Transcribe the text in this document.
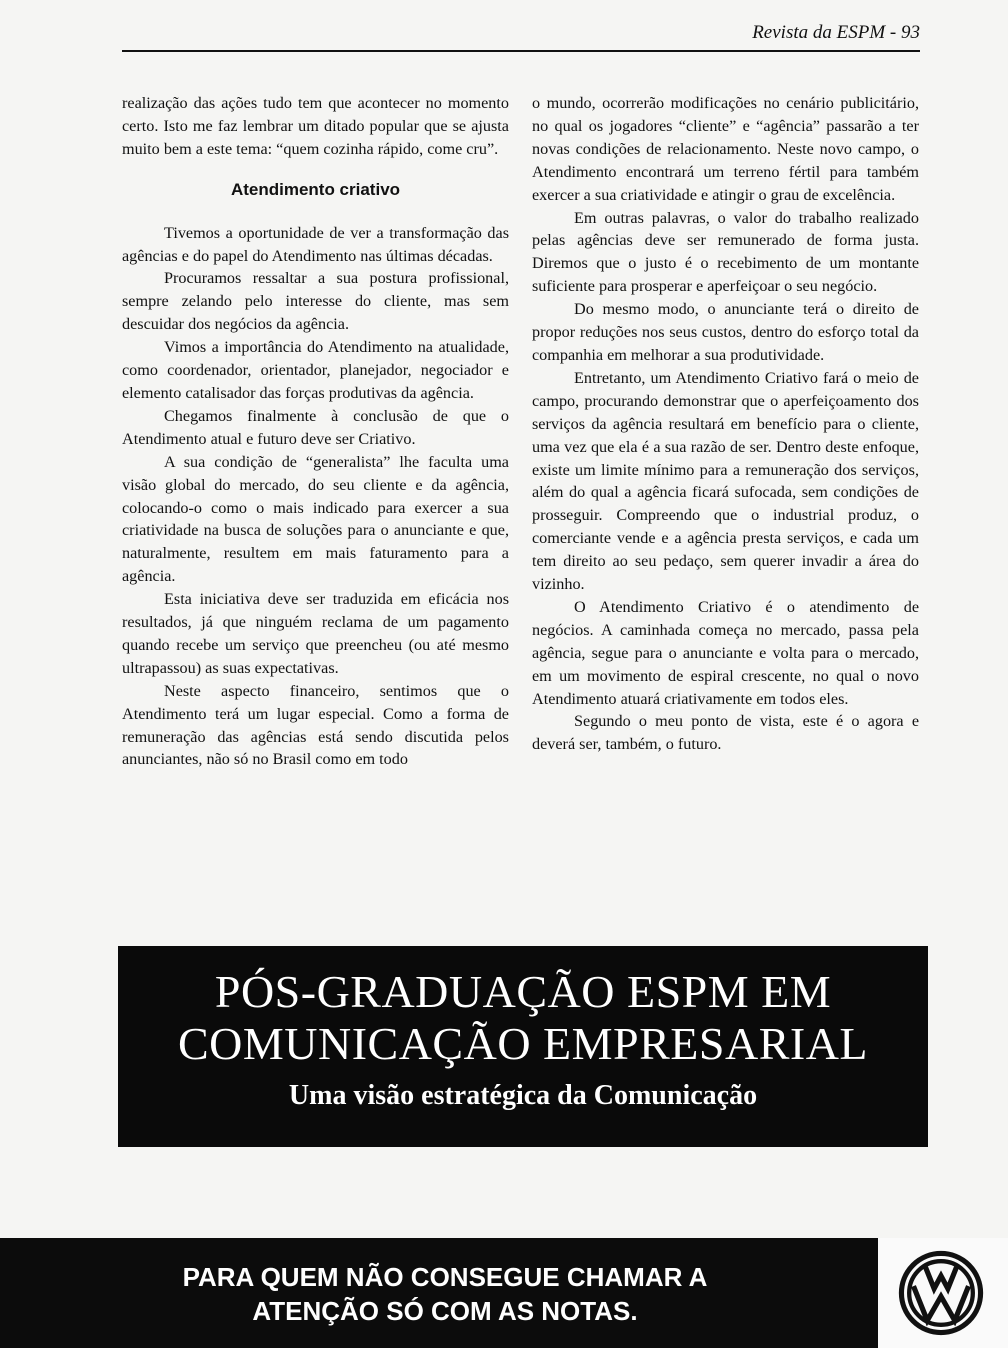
Revista da ESPM - 93

realização das ações tudo tem que acontecer no momento certo. Isto me faz lembrar um ditado popular que se ajusta muito bem a este tema: “quem cozinha rápido, come cru”.

Atendimento criativo

Tivemos a oportunidade de ver a transformação das agências e do papel do Atendimento nas últimas décadas.

Procuramos ressaltar a sua postura profissional, sempre zelando pelo interesse do cliente, mas sem descuidar dos negócios da agência.

Vimos a importância do Atendimento na atualidade, como coordenador, orientador, planejador, negociador e elemento catalisador das forças produtivas da agência.

Chegamos finalmente à conclusão de que o Atendimento atual e futuro deve ser Criativo.

A sua condição de “generalista” lhe faculta uma visão global do mercado, do seu cliente e da agência, colocando-o como o mais indicado para exercer a sua criatividade na busca de soluções para o anunciante e que, naturalmente, resultem em mais faturamento para a agência.

Esta iniciativa deve ser traduzida em eficácia nos resultados, já que ninguém reclama de um pagamento quando recebe um serviço que preencheu (ou até mesmo ultrapassou) as suas expectativas.

Neste aspecto financeiro, sentimos que o Atendimento terá um lugar especial. Como a forma de remuneração das agências está sendo discutida pelos anunciantes, não só no Brasil como em todo

o mundo, ocorrerão modificações no cenário publicitário, no qual os jogadores “cliente” e “agência” passarão a ter novas condições de relacionamento. Neste novo campo, o Atendimento encontrará um terreno fértil para também exercer a sua criatividade e atingir o grau de excelência.

Em outras palavras, o valor do trabalho realizado pelas agências deve ser remunerado de forma justa. Diremos que o justo é o recebimento de um montante suficiente para prosperar e aperfeiçoar o seu negócio.

Do mesmo modo, o anunciante terá o direito de propor reduções nos seus custos, dentro do esforço total da companhia em melhorar a sua produtividade.

Entretanto, um Atendimento Criativo fará o meio de campo, procurando demonstrar que o aperfeiçoamento dos serviços da agência resultará em benefício para o cliente, uma vez que ela é a sua razão de ser. Dentro deste enfoque, existe um limite mínimo para a remuneração dos serviços, além do qual a agência ficará sufocada, sem condições de prosseguir. Compreendo que o industrial produz, o comerciante vende e a agência presta serviços, e cada um tem direito ao seu pedaço, sem querer invadir a área do vizinho.

O Atendimento Criativo é o atendimento de negócios. A caminhada começa no mercado, passa pela agência, segue para o anunciante e volta para o mercado, em um movimento de espiral crescente, no qual o novo Atendimento atuará criativamente em todos eles.

Segundo o meu ponto de vista, este é o agora e deverá ser, também, o futuro.

PÓS-GRADUAÇÃO ESPM EM
COMUNICAÇÃO EMPRESARIAL
Uma visão estratégica da Comunicação
PARA QUEM NÃO CONSEGUE CHAMAR A
ATENÇÃO SÓ COM AS NOTAS.
